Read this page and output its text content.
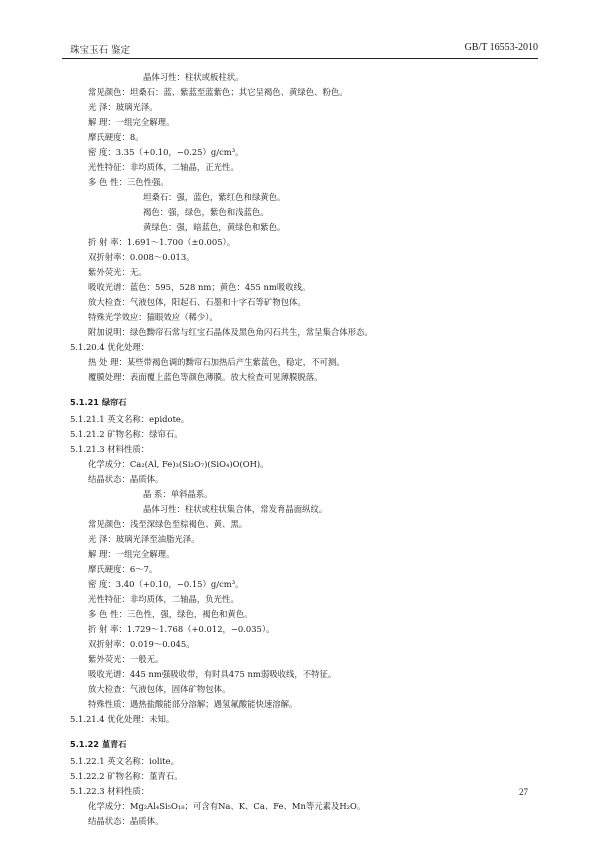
珠宝玉石 鉴定	GB/T 16553-2010
晶体习性：柱状或板柱状。
常见颜色：坦桑石：蓝、紫蓝至蓝紫色；其它呈褐色、黄绿色、粉色。
光 泽：玻璃光泽。
解 理：一组完全解理。
摩氏硬度：8。
密 度：3.35（+0.10，−0.25）g/cm³。
光性特征：非均质体，二轴晶，正光性。
多 色 性：三色性强。
坦桑石：强，蓝色，紫红色和绿黄色。
褐色：强，绿色，紫色和浅蓝色。
黄绿色：强，暗蓝色，黄绿色和紫色。
折 射 率：1.691～1.700（±0.005）。
双折射率：0.008～0.013。
紫外荧光：无。
吸收光谱：蓝色：595，528 nm；黄色：455 nm吸收线。
放大检查：气液包体，阳起石、石墨和十字石等矿物包体。
特殊光学效应：猫眼效应（稀少）。
附加说明：绿色黝帘石常与红宝石晶体及黑色角闪石共生，常呈集合体形态。
5.1.20.4 优化处理：
热 处 理：某些带褐色调的黝帘石加热后产生紫蓝色，稳定，不可测。
覆膜处理：表面覆上蓝色等颜色薄膜。放大检查可见薄膜脱落。
5.1.21 绿帘石
5.1.21.1 英文名称：epidote。
5.1.21.2 矿物名称：绿帘石。
5.1.21.3 材料性质：
化学成分：Ca₂(Al, Fe)₃(Si₂O₇)(SiO₄)O(OH)。
结晶状态：晶质体。
晶 系：单斜晶系。
晶体习性：柱状或柱状集合体，常发育晶面纵纹。
常见颜色：浅至深绿色至棕褐色、黄、黑。
光 泽：玻璃光泽至油脂光泽。
解 理：一组完全解理。
摩氏硬度：6～7。
密 度：3.40（+0.10，−0.15）g/cm³。
光性特征：非均质体，二轴晶，负光性。
多 色 性：三色性，强，绿色，褐色和黄色。
折 射 率：1.729～1.768（+0.012，−0.035）。
双折射率：0.019～0.045。
紫外荧光：一般无。
吸收光谱：445 nm强吸收带，有时具475 nm弱吸收线，不特征。
放大检查：气液包体，固体矿物包体。
特殊性质：遇热盐酸能部分溶解；遇氢氟酸能快速溶解。
5.1.21.4 优化处理：未知。
5.1.22 堇青石
5.1.22.1 英文名称：iolite。
5.1.22.2 矿物名称：堇青石。
5.1.22.3 材料性质：
化学成分：Mg₂Al₄Si₅O₁₈；可含有Na、K、Ca、Fe、Mn等元素及H₂O。
结晶状态：晶质体。
27
